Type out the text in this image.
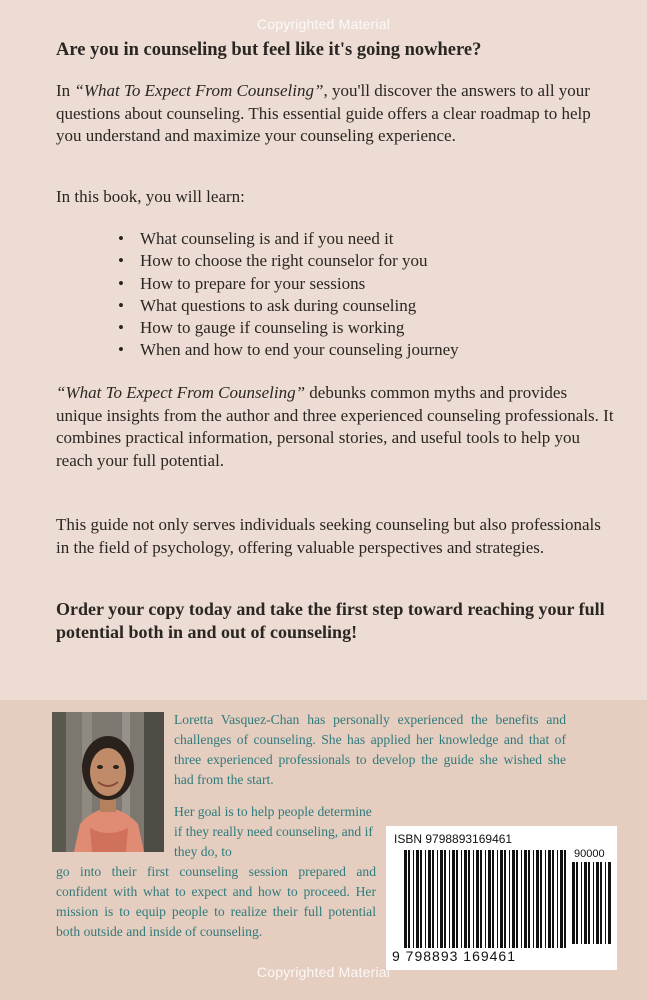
Copyrighted Material
Are you in counseling but feel like it's going nowhere?

In “What To Expect From Counseling”, you'll discover the answers to all your questions about counseling. This essential guide offers a clear roadmap to help you understand and maximize your counseling experience.

In this book, you will learn:

• What counseling is and if you need it
• How to choose the right counselor for you
• How to prepare for your sessions
• What questions to ask during counseling
• How to gauge if counseling is working
• When and how to end your counseling journey

“What To Expect From Counseling” debunks common myths and provides unique insights from the author and three experienced counseling professionals. It combines practical information, personal stories, and useful tools to help you reach your full potential.

This guide not only serves individuals seeking counseling but also professionals in the field of psychology, offering valuable perspectives and strategies.

Order your copy today and take the first step toward reaching your full potential both in and out of counseling!

Loretta Vasquez-Chan has personally experienced the benefits and challenges of counseling. She has applied her knowledge and that of three experienced professionals to develop the guide she wished she had from the start.

Her goal is to help people determine if they really need counseling, and if they do, to

go into their first counseling session prepared and confident with what to expect and how to proceed. Her mission is to equip people to realize their full potential both outside and inside of counseling.

ISBN 9798893169461
90000
9 798893 169461
Copyrighted Material
